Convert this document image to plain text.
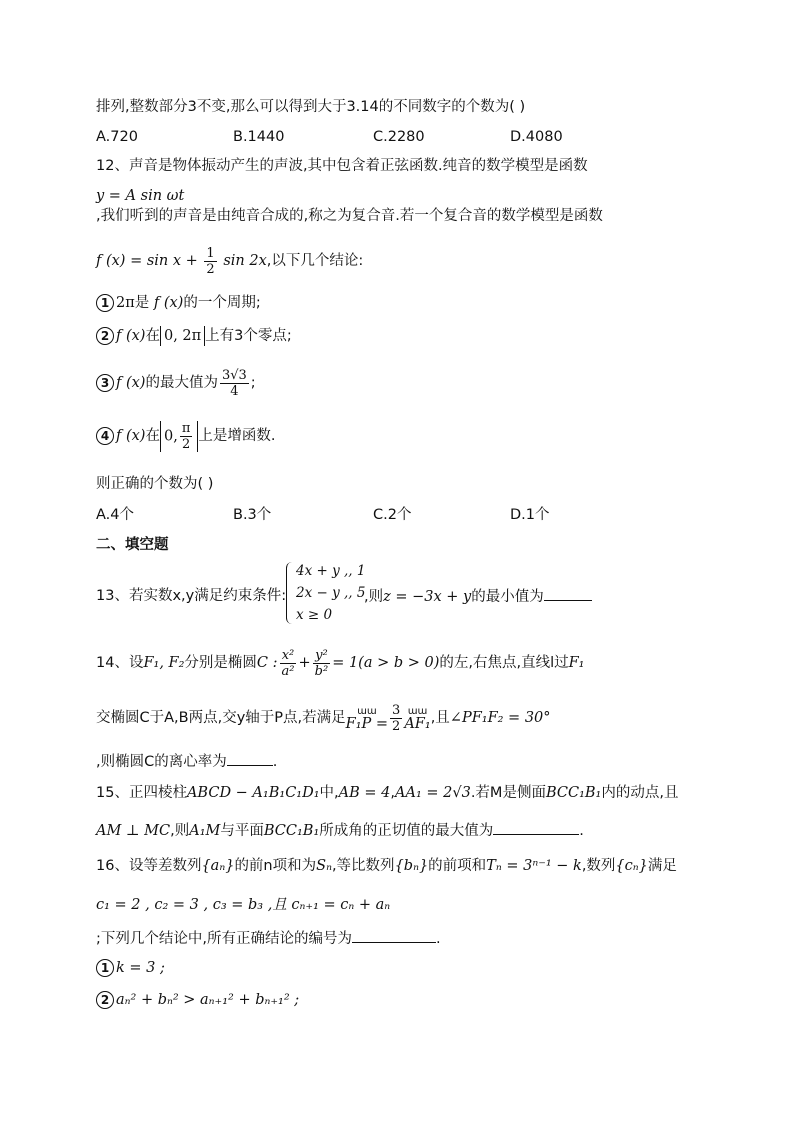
排列,整数部分3不变,那么可以得到大于3.14的不同数字的个数为( )
A.720	B.1440	C.2280	D.4080
12、声音是物体振动产生的声波,其中包含着正弦函数.纯音的数学模型是函数
y = A sin ωt
,我们听到的声音是由纯音合成的,称之为复合音.若一个复合音的数学模型是函数
f $(x) = \sin x + \frac{1}{2}$ sin 2x,以下几个结论:
1 2π是 f (x)的一个周期;
2 f (x)在 0, 2π 上有3个零点;
3 f (x)的最大值为 $\frac{3√3}{4}$ ;
4 f (x)在 0, $\frac{\pi}{2}$ 上是增函数.
则正确的个数为( )
A.4个	B.3个	C.2个	D.1个
二、填空题
13、若实数x,y满足约束条件:
4x + y ,, 1
2x − y ,, 5
x ≥ 0
,则z = −3x + y的最小值为
14、设F₁, F₂分别是椭圆C : $\frac{\text{x²}}{\text{a²}} + \frac{\text{y²}}{\text{b²}} = 1(a > b > 0)$的左,右焦点,直线l过F₁
交椭圆C于A,B两点,交y轴于P点,若满足	ɯɯ
$F_1P = \frac{3}{2}$ ɯɯ
AF₁ ,且∠PF₁F₂ = 30°
,则椭圆C的离心率为	.
15、正四棱柱ABCD − A₁B₁C₁D₁中,AB = 4,AA₁ = 2√3.若M是侧面BCC₁B₁内的动点,且
AM ⊥ MC,则A₁M与平面BCC₁B₁所成角的正切值的最大值为	.
16、设等差数列{aₙ}的前n项和为Sₙ,等比数列{bₙ}的前项和Tₙ = 3ⁿ⁻¹ − k,数列{cₙ}满足
c₁ = 2 , c₂ = 3 , c₃ = b₃ ,且 cₙ₊₁ = cₙ + aₙ
;下列几个结论中,所有正确结论的编号为	.
1 k = 3 ;
2 aₙ² + bₙ² > aₙ₊₁² + bₙ₊₁² ;
